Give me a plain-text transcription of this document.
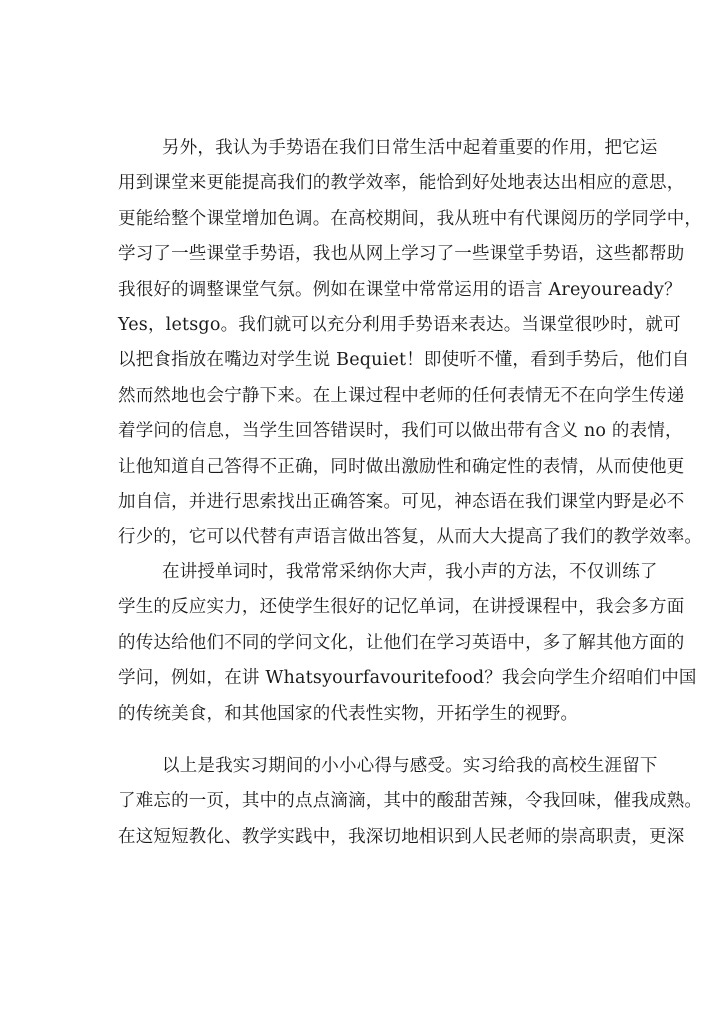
另外，我认为手势语在我们日常生活中起着重要的作用，把它运
用到课堂来更能提高我们的教学效率，能恰到好处地表达出相应的意思，
更能给整个课堂增加色调。在高校期间，我从班中有代课阅历的学同学中，
学习了一些课堂手势语，我也从网上学习了一些课堂手势语，这些都帮助
我很好的调整课堂气氛。例如在课堂中常常运用的语言 Areyouready？
Yes，letsgo。我们就可以充分利用手势语来表达。当课堂很吵时，就可
以把食指放在嘴边对学生说 Bequiet！即使听不懂，看到手势后，他们自
然而然地也会宁静下来。在上课过程中老师的任何表情无不在向学生传递
着学问的信息，当学生回答错误时，我们可以做出带有含义 no 的表情，
让他知道自己答得不正确，同时做出激励性和确定性的表情，从而使他更
加自信，并进行思索找出正确答案。可见，神态语在我们课堂内野是必不
行少的，它可以代替有声语言做出答复，从而大大提高了我们的教学效率。
在讲授单词时，我常常采纳你大声，我小声的方法，不仅训练了
学生的反应实力，还使学生很好的记忆单词，在讲授课程中，我会多方面
的传达给他们不同的学问文化，让他们在学习英语中，多了解其他方面的
学问，例如，在讲 Whatsyourfavouritefood？我会向学生介绍咱们中国
的传统美食，和其他国家的代表性实物，开拓学生的视野。
以上是我实习期间的小小心得与感受。实习给我的高校生涯留下
了难忘的一页，其中的点点滴滴，其中的酸甜苦辣，令我回味，催我成熟。
在这短短教化、教学实践中，我深切地相识到人民老师的崇高职责，更深
